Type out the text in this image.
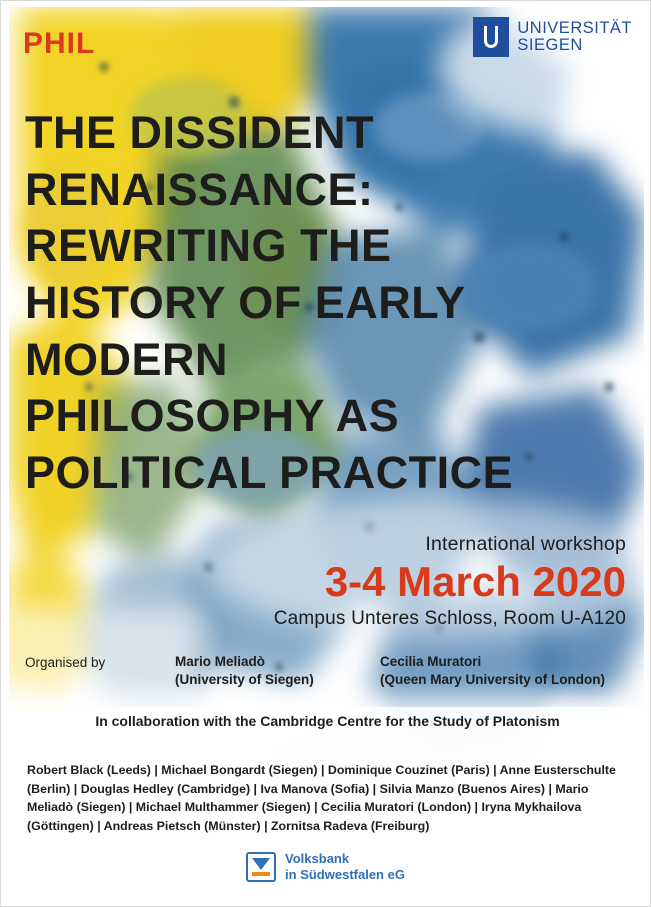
PHIL	UNIVERSITÄT
SIEGEN
THE DISSIDENT
RENAISSANCE:
REWRITING THE
HISTORY OF EARLY
MODERN
PHILOSOPHY AS
POLITICAL PRACTICE
International workshop
3-4 March 2020
Campus Unteres Schloss, Room U-A120
Organised by	Mario Meliadò
(University of Siegen)
Cecilia Muratori
(Queen Mary University of London)
In collaboration with the Cambridge Centre for the Study of Platonism
Robert Black (Leeds) | Michael Bongardt (Siegen) | Dominique Couzinet (Paris) | Anne Eusterschulte (Berlin) | Douglas Hedley (Cambridge) | Iva Manova (Sofia) | Silvia Manzo (Buenos Aires) | Mario Meliadò (Siegen) | Michael Multhammer (Siegen) | Cecilia Muratori (London) | Iryna Mykhailova (Göttingen) | Andreas Pietsch (Münster) | Zornitsa Radeva (Freiburg)
Volksbank
in Südwestfalen eG
